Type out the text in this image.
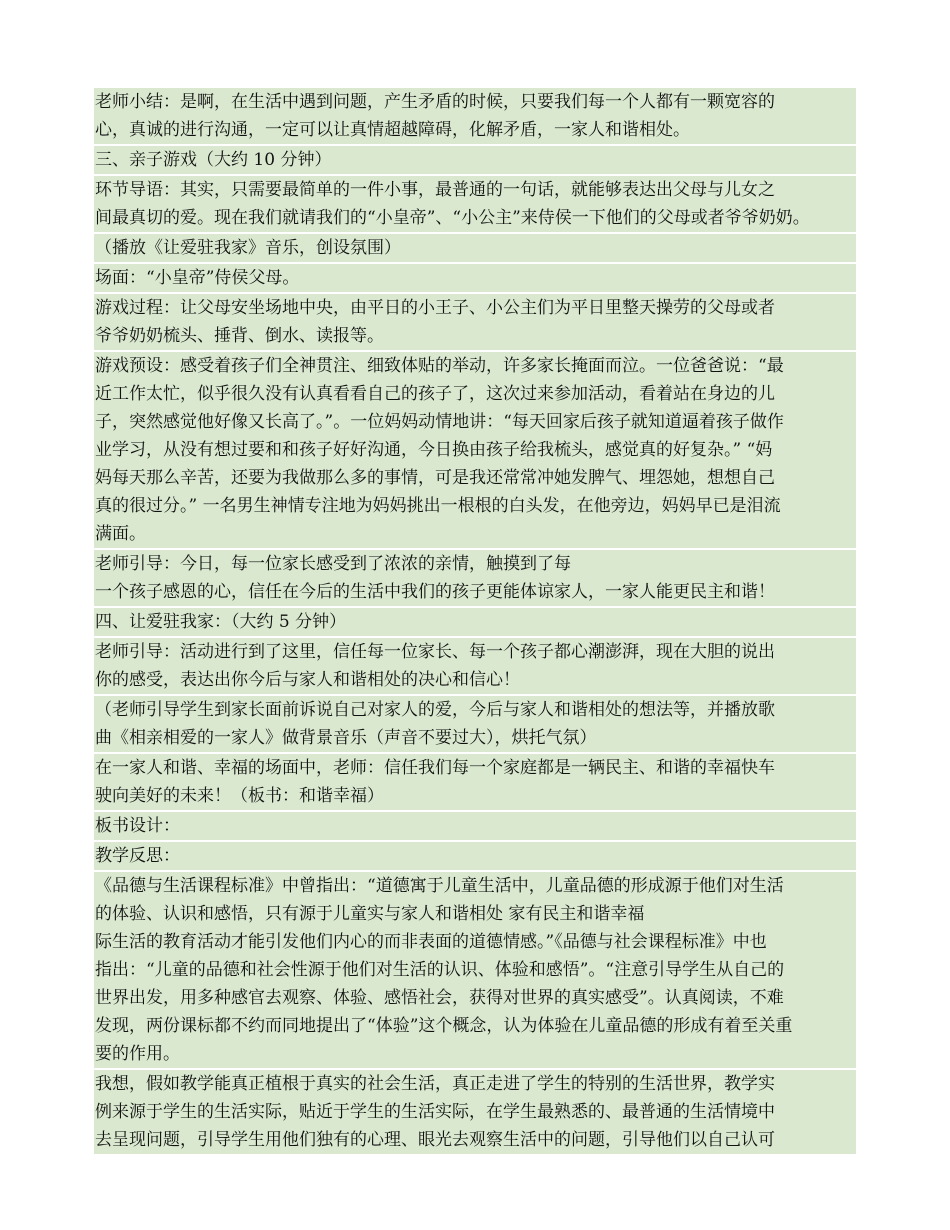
老师小结：是啊，在生活中遇到问题，产生矛盾的时候，只要我们每一个人都有一颗宽容的
心，真诚的进行沟通，一定可以让真情超越障碍，化解矛盾，一家人和谐相处。
三、亲子游戏（大约 10 分钟）
环节导语：其实，只需要最简单的一件小事，最普通的一句话，就能够表达出父母与儿女之
间最真切的爱。现在我们就请我们的“小皇帝”、“小公主”来侍侯一下他们的父母或者爷爷奶奶。
（播放《让爱驻我家》音乐，创设氛围）
场面：“小皇帝”侍侯父母。
游戏过程：让父母安坐场地中央，由平日的小王子、小公主们为平日里整天操劳的父母或者
爷爷奶奶梳头、捶背、倒水、读报等。
游戏预设：感受着孩子们全神贯注、细致体贴的举动，许多家长掩面而泣。一位爸爸说：“最
近工作太忙，似乎很久没有认真看看自己的孩子了，这次过来参加活动，看着站在身边的儿
子，突然感觉他好像又长高了。”。一位妈妈动情地讲：“每天回家后孩子就知道逼着孩子做作
业学习，从没有想过要和和孩子好好沟通，今日换由孩子给我梳头，感觉真的好复杂。” “妈
妈每天那么辛苦，还要为我做那么多的事情，可是我还常常冲她发脾气、埋怨她，想想自己
真的很过分。” 一名男生神情专注地为妈妈挑出一根根的白头发，在他旁边，妈妈早已是泪流
满面。
老师引导：今日，每一位家长感受到了浓浓的亲情，触摸到了每
一个孩子感恩的心，信任在今后的生活中我们的孩子更能体谅家人，一家人能更民主和谐！
四、让爱驻我家：（大约 5 分钟）
老师引导：活动进行到了这里，信任每一位家长、每一个孩子都心潮澎湃，现在大胆的说出
你的感受，表达出你今后与家人和谐相处的决心和信心！
（老师引导学生到家长面前诉说自己对家人的爱，今后与家人和谐相处的想法等，并播放歌
曲《相亲相爱的一家人》做背景音乐（声音不要过大），烘托气氛）
在一家人和谐、幸福的场面中，老师：信任我们每一个家庭都是一辆民主、和谐的幸福快车
驶向美好的未来！（板书：和谐幸福）
板书设计：
教学反思：
《品德与生活课程标准》中曾指出：“道德寓于儿童生活中，儿童品德的形成源于他们对生活
的体验、认识和感悟，只有源于儿童实与家人和谐相处 家有民主和谐幸福
际生活的教育活动才能引发他们内心的而非表面的道德情感。”《品德与社会课程标准》中也
指出：“儿童的品德和社会性源于他们对生活的认识、体验和感悟”。“注意引导学生从自己的
世界出发，用多种感官去观察、体验、感悟社会，获得对世界的真实感受”。认真阅读，不难
发现，两份课标都不约而同地提出了“体验”这个概念，认为体验在儿童品德的形成有着至关重
要的作用。
我想，假如教学能真正植根于真实的社会生活，真正走进了学生的特别的生活世界，教学实
例来源于学生的生活实际，贴近于学生的生活实际，在学生最熟悉的、最普通的生活情境中
去呈现问题，引导学生用他们独有的心理、眼光去观察生活中的问题，引导他们以自己认可
